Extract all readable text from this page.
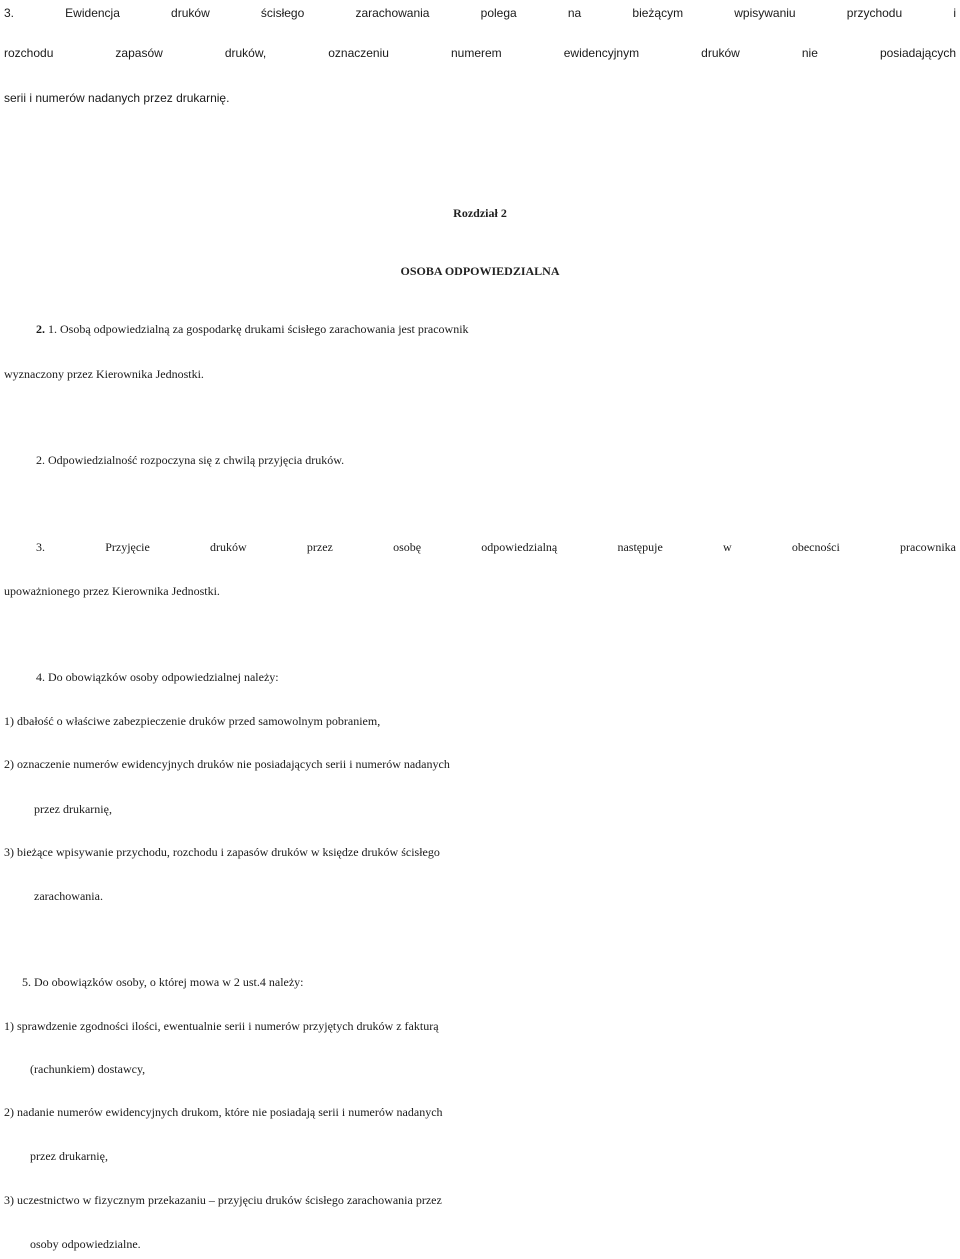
3. Ewidencja druków ścisłego zarachowania polega na bieżącym wpisywaniu przychodu i
rozchodu zapasów druków, oznaczeniu numerem ewidencyjnym druków nie posiadających
serii i numerów nadanych przez drukarnię.
Rozdział 2
OSOBA ODPOWIEDZIALNA
2. 1. Osobą odpowiedzialną za gospodarkę drukami ścisłego zarachowania jest pracownik
wyznaczony przez Kierownika Jednostki.
2. Odpowiedzialność rozpoczyna się z chwilą przyjęcia druków.
3. Przyjęcie druków przez osobę odpowiedzialną następuje w obecności pracownika
upoważnionego przez Kierownika Jednostki.
4. Do obowiązków osoby odpowiedzialnej należy:
1) dbałość o właściwe zabezpieczenie druków przed samowolnym pobraniem,
2) oznaczenie numerów ewidencyjnych druków nie posiadających serii i numerów nadanych
przez drukarnię,
3) bieżące wpisywanie przychodu, rozchodu i zapasów druków w księdze druków ścisłego
zarachowania.
5. Do obowiązków osoby, o której mowa w 2 ust.4 należy:
1) sprawdzenie zgodności ilości, ewentualnie serii i numerów przyjętych druków z fakturą
(rachunkiem) dostawcy,
2) nadanie numerów ewidencyjnych drukom, które nie posiadają serii i numerów nadanych
przez drukarnię,
3) uczestnictwo w fizycznym przekazaniu – przyjęciu druków ścisłego zarachowania przez
osoby odpowiedzialne.
